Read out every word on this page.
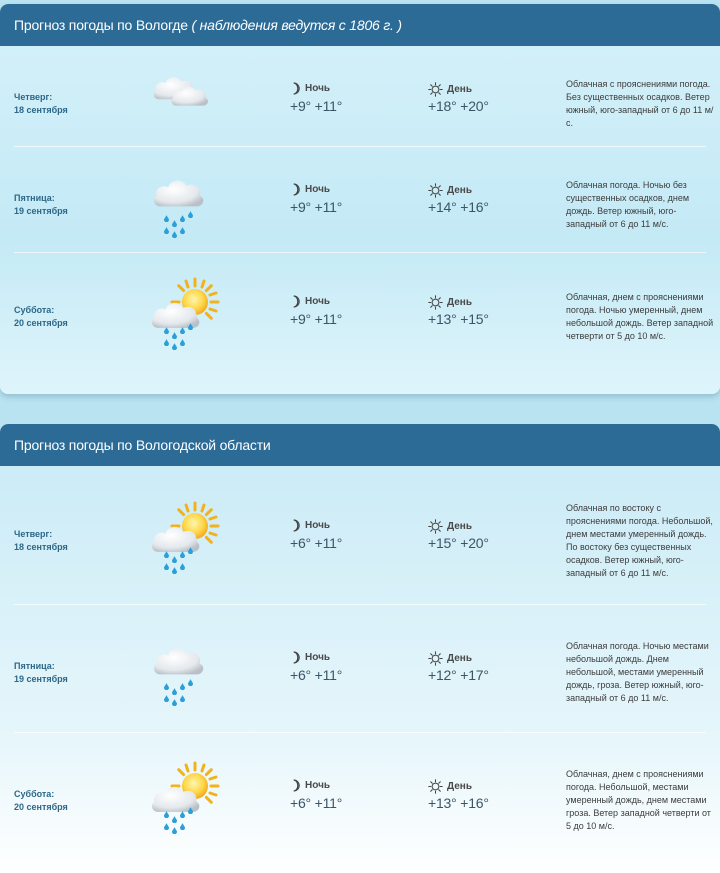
Прогноз погоды по Вологде ( наблюдения ведутся с 1806 г. )
Прогноз погоды по Вологодской области
Четверг:
18 сентября
Ночь
+9° +11°
День
+18° +20°
Облачная с прояснениями погода. Без существенных осадков. Ветер южный, юго-западный от 6 до 11 м/с.
Пятница:
19 сентября
Ночь
+9° +11°
День
+14° +16°
Облачная погода. Ночью без существенных осадков, днем дождь. Ветер южный, юго-западный от 6 до 11 м/с.
Суббота:
20 сентября
Ночь
+9° +11°
День
+13° +15°
Облачная, днем с прояснениями погода. Ночью умеренный, днем небольшой дождь. Ветер западной четверти от 5 до 10 м/с.
Четверг:
18 сентября
Ночь
+6° +11°
День
+15° +20°
Облачная по востоку с прояснениями погода. Небольшой, днем местами умеренный дождь. По востоку без существенных осадков. Ветер южный, юго-западный от 6 до 11 м/с.
Пятница:
19 сентября
Ночь
+6° +11°
День
+12° +17°
Облачная погода. Ночью местами небольшой дождь. Днем небольшой, местами умеренный дождь, гроза. Ветер южный, юго-западный от 6 до 11 м/с.
Суббота:
20 сентября
Ночь
+6° +11°
День
+13° +16°
Облачная, днем с прояснениями погода. Небольшой, местами умеренный дождь, днем местами гроза. Ветер западной четверти от 5 до 10 м/с.
